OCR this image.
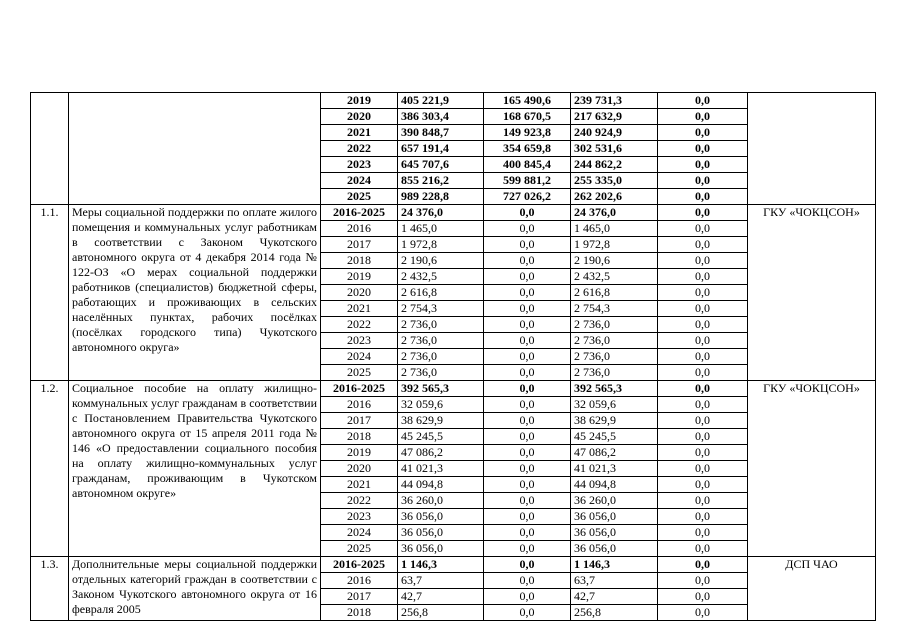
		2019	405 221,9	165 490,6	239 731,3	0,0	
		2020	386 303,4	168 670,5	217 632,9	0,0	
		2021	390 848,7	149 923,8	240 924,9	0,0	
		2022	657 191,4	354 659,8	302 531,6	0,0	
		2023	645 707,6	400 845,4	244 862,2	0,0	
		2024	855 216,2	599 881,2	255 335,0	0,0	
		2025	989 228,8	727 026,2	262 202,6	0,0	
1.1.	Меры социальной поддержки по оплате жилого помещения и коммунальных услуг работникам в соответствии с Законом Чукотского автономного округа от 4 декабря 2014 года № 122-ОЗ «О мерах социальной поддержки работников (специалистов) бюджетной сферы, работающих и проживающих в сельских населённых пунктах, рабочих посёлках (посёлках городского типа) Чукотского автономного округа»	2016-2025	24 376,0	0,0	24 376,0	0,0	ГКУ «ЧОКЦСОН»
		2016	1 465,0	0,0	1 465,0	0,0	
		2017	1 972,8	0,0	1 972,8	0,0	
		2018	2 190,6	0,0	2 190,6	0,0	
		2019	2 432,5	0,0	2 432,5	0,0	
		2020	2 616,8	0,0	2 616,8	0,0	
		2021	2 754,3	0,0	2 754,3	0,0	
		2022	2 736,0	0,0	2 736,0	0,0	
		2023	2 736,0	0,0	2 736,0	0,0	
		2024	2 736,0	0,0	2 736,0	0,0	
		2025	2 736,0	0,0	2 736,0	0,0	
1.2.	Социальное пособие на оплату жилищно-коммунальных услуг гражданам в соответствии с Постановлением Правительства Чукотского автономного округа от 15 апреля 2011 года № 146 «О предоставлении социального пособия на оплату жилищно-коммунальных услуг гражданам, проживающим в Чукотском автономном округе»	2016-2025	392 565,3	0,0	392 565,3	0,0	ГКУ «ЧОКЦСОН»
		2016	32 059,6	0,0	32 059,6	0,0	
		2017	38 629,9	0,0	38 629,9	0,0	
		2018	45 245,5	0,0	45 245,5	0,0	
		2019	47 086,2	0,0	47 086,2	0,0	
		2020	41 021,3	0,0	41 021,3	0,0	
		2021	44 094,8	0,0	44 094,8	0,0	
		2022	36 260,0	0,0	36 260,0	0,0	
		2023	36 056,0	0,0	36 056,0	0,0	
		2024	36 056,0	0,0	36 056,0	0,0	
		2025	36 056,0	0,0	36 056,0	0,0	
1.3.	Дополнительные меры социальной поддержки отдельных категорий граждан в соответствии с Законом Чукотского автономного округа от 16 февраля 2005	2016-2025	1 146,3	0,0	1 146,3	0,0	ДСП ЧАО
		2016	63,7	0,0	63,7	0,0	
		2017	42,7	0,0	42,7	0,0	
		2018	256,8	0,0	256,8	0,0	
